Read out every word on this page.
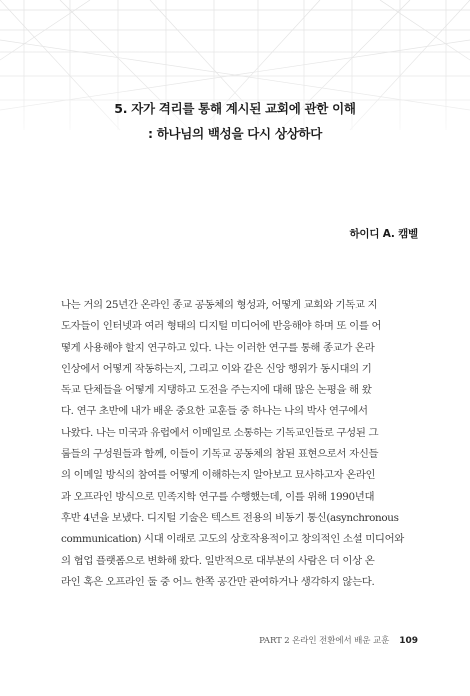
5. 자가 격리를 통해 계시된 교회에 관한 이해
: 하나님의 백성을 다시 상상하다
하이디 A. 캠벨
나는 거의 25년간 온라인 종교 공동체의 형성과, 어떻게 교회와 기독교 지
도자들이 인터넷과 여러 형태의 디지털 미디어에 반응해야 하며 또 이를 어
떻게 사용해야 할지 연구하고 있다. 나는 이러한 연구를 통해 종교가 온라
인상에서 어떻게 작동하는지, 그리고 이와 같은 신앙 행위가 동시대의 기
독교 단체들을 어떻게 지탱하고 도전을 주는지에 대해 많은 논평을 해 왔
다. 연구 초반에 내가 배운 중요한 교훈들 중 하나는 나의 박사 연구에서
나왔다. 나는 미국과 유럽에서 이메일로 소통하는 기독교인들로 구성된 그
룹들의 구성원들과 함께, 이들이 기독교 공동체의 참된 표현으로서 자신들
의 이메일 방식의 참여를 어떻게 이해하는지 알아보고 묘사하고자 온라인
과 오프라인 방식으로 민족지학 연구를 수행했는데, 이를 위해 1990년대
후반 4년을 보냈다. 디지털 기술은 텍스트 전용의 비동기 통신(asynchronous
communication) 시대 이래로 고도의 상호작용적이고 창의적인 소셜 미디어와
의 협업 플랫폼으로 변화해 왔다. 일반적으로 대부분의 사람은 더 이상 온
라인 혹은 오프라인 둘 중 어느 한쪽 공간만 관여하거나 생각하지 않는다.
PART 2 온라인 전환에서 배운 교훈 109
